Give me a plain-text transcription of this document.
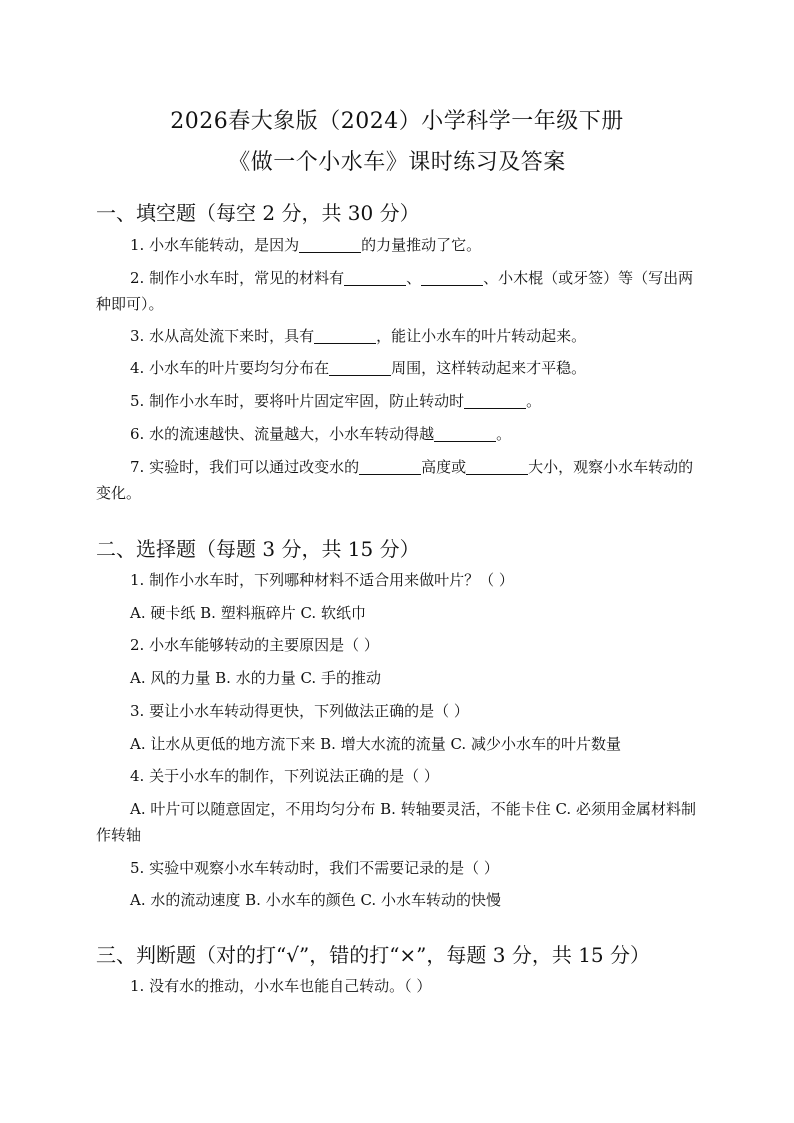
2026春大象版（2024）小学科学一年级下册
《做一个小水车》课时练习及答案
一、填空题（每空 2 分，共 30 分）
1. 小水车能转动，是因为	的力量推动了它。
2. 制作小水车时，常见的材料有	、	、小木棍（或牙签）等（写出两种即可）。
3. 水从高处流下来时，具有	，能让小水车的叶片转动起来。
4. 小水车的叶片要均匀分布在	周围，这样转动起来才平稳。
5. 制作小水车时，要将叶片固定牢固，防止转动时	。
6. 水的流速越快、流量越大，小水车转动得越	。
7. 实验时，我们可以通过改变水的	高度或	大小，观察小水车转动的变化。
二、选择题（每题 3 分，共 15 分）
1. 制作小水车时，下列哪种材料不适合用来做叶片？（ ）
A. 硬卡纸 B. 塑料瓶碎片 C. 软纸巾
2. 小水车能够转动的主要原因是（ ）
A. 风的力量 B. 水的力量 C. 手的推动
3. 要让小水车转动得更快，下列做法正确的是（ ）
A. 让水从更低的地方流下来 B. 增大水流的流量 C. 减少小水车的叶片数量
4. 关于小水车的制作，下列说法正确的是（ ）
A. 叶片可以随意固定，不用均匀分布 B. 转轴要灵活，不能卡住 C. 必须用金属材料制作转轴
5. 实验中观察小水车转动时，我们不需要记录的是（ ）
A. 水的流动速度 B. 小水车的颜色 C. 小水车转动的快慢
三、判断题（对的打“√”，错的打“×”，每题 3 分，共 15 分）
1. 没有水的推动，小水车也能自己转动。（ ）
